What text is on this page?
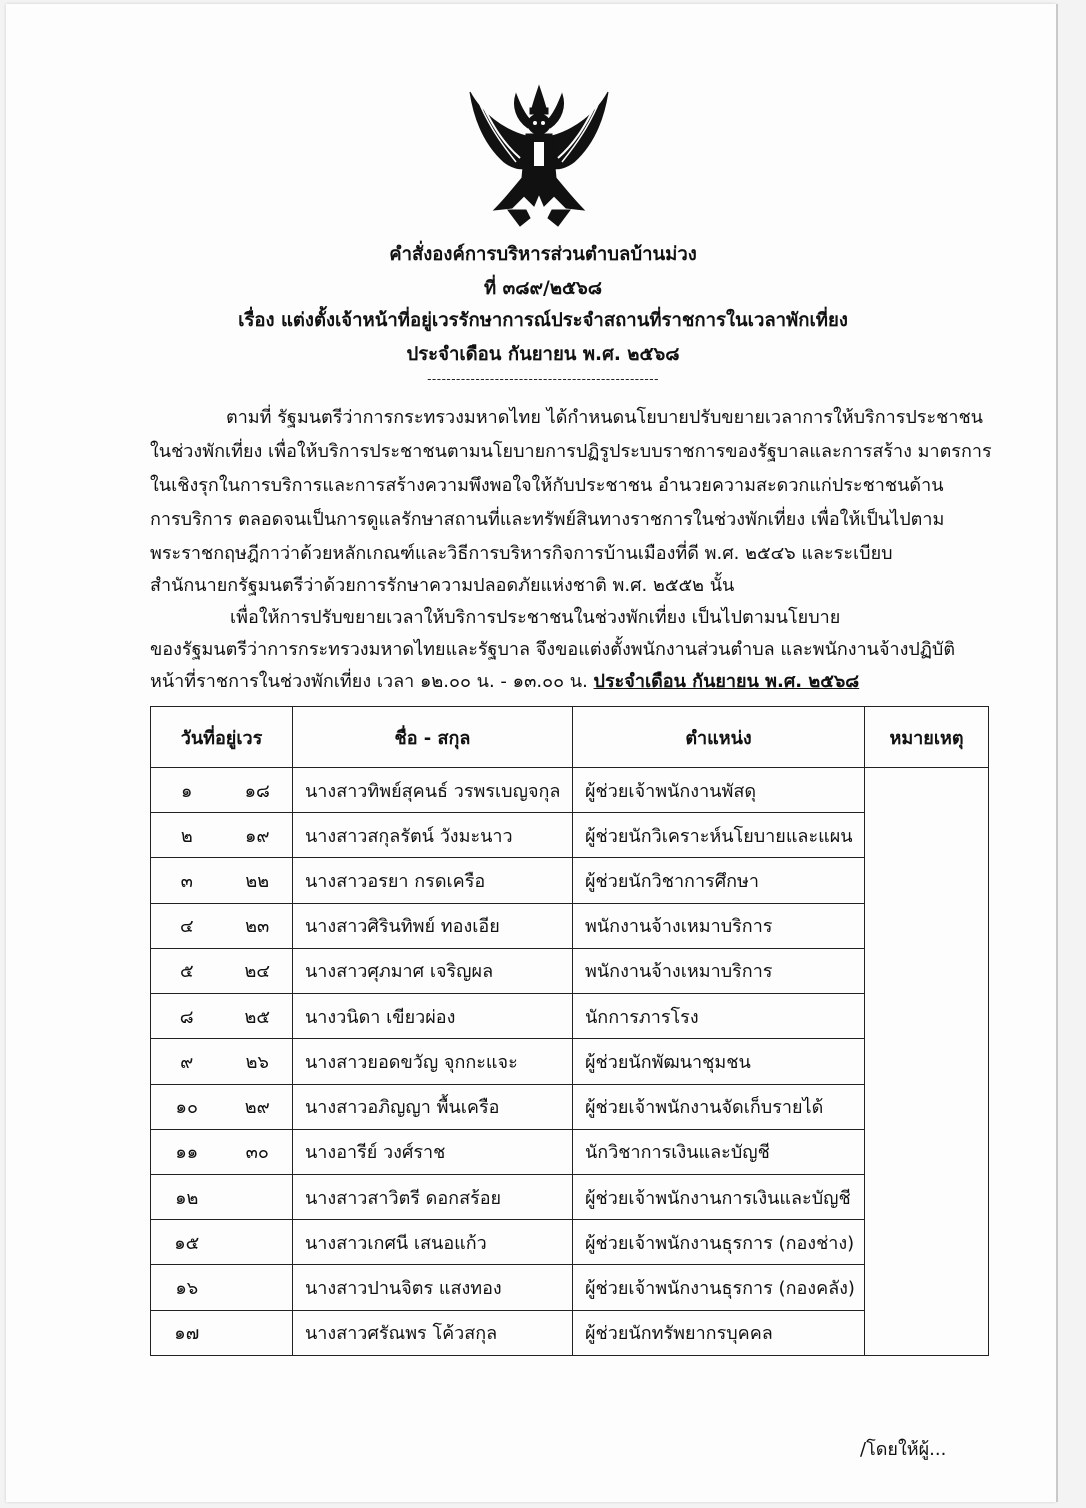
คำสั่งองค์การบริหารส่วนตำบลบ้านม่วง
ที่ ๓๘๙/๒๕๖๘
เรื่อง แต่งตั้งเจ้าหน้าที่อยู่เวรรักษาการณ์ประจำสถานที่ราชการในเวลาพักเที่ยง
ประจำเดือน กันยายน พ.ศ. ๒๕๖๘
------------------------------------------------
ตามที่ รัฐมนตรีว่าการกระทรวงมหาดไทย ได้กำหนดนโยบายปรับขยายเวลาการให้บริการประชาชน
ในช่วงพักเที่ยง เพื่อให้บริการประชาชนตามนโยบายการปฏิรูประบบราชการของรัฐบาลและการสร้าง มาตรการ
ในเชิงรุกในการบริการและการสร้างความพึงพอใจให้กับประชาชน อำนวยความสะดวกแก่ประชาชนด้าน
การบริการ ตลอดจนเป็นการดูแลรักษาสถานที่และทรัพย์สินทางราชการในช่วงพักเที่ยง เพื่อให้เป็นไปตาม
พระราชกฤษฎีกาว่าด้วยหลักเกณฑ์และวิธีการบริหารกิจการบ้านเมืองที่ดี พ.ศ. ๒๕๔๖ และระเบียบ
สำนักนายกรัฐมนตรีว่าด้วยการรักษาความปลอดภัยแห่งชาติ พ.ศ. ๒๕๕๒ นั้น
เพื่อให้การปรับขยายเวลาให้บริการประชาชนในช่วงพักเที่ยง เป็นไปตามนโยบาย
ของรัฐมนตรีว่าการกระทรวงมหาดไทยและรัฐบาล จึงขอแต่งตั้งพนักงานส่วนตำบล และพนักงานจ้างปฏิบัติ
หน้าที่ราชการในช่วงพักเที่ยง เวลา ๑๒.๐๐ น. - ๑๓.๐๐ น. ประจำเดือน กันยายน พ.ศ. ๒๕๖๘
วันที่อยู่เวร		ชื่อ - สกุล	ตำแหน่ง	หมายเหตุ
๑	๑๘	นางสาวทิพย์สุคนธ์ วรพรเบญจกุล	ผู้ช่วยเจ้าพนักงานพัสดุ	
๒	๑๙	นางสาวสกุลรัตน์ วังมะนาว	ผู้ช่วยนักวิเคราะห์นโยบายและแผน	
๓	๒๒	นางสาวอรยา กรดเครือ	ผู้ช่วยนักวิชาการศึกษา	
๔	๒๓	นางสาวศิรินทิพย์ ทองเอีย	พนักงานจ้างเหมาบริการ	
๕	๒๔	นางสาวศุภมาศ เจริญผล	พนักงานจ้างเหมาบริการ	
๘	๒๕	นางวนิดา เขียวผ่อง	นักการภารโรง	
๙	๒๖	นางสาวยอดขวัญ จุกกะแจะ	ผู้ช่วยนักพัฒนาชุมชน	
๑๐	๒๙	นางสาวอภิญญา พื้นเครือ	ผู้ช่วยเจ้าพนักงานจัดเก็บรายได้	
๑๑	๓๐	นางอารีย์ วงศ์ราช	นักวิชาการเงินและบัญชี	
๑๒		นางสาวสาวิตรี ดอกสร้อย	ผู้ช่วยเจ้าพนักงานการเงินและบัญชี	
๑๕		นางสาวเกศนี เสนอแก้ว	ผู้ช่วยเจ้าพนักงานธุรการ (กองช่าง)	
๑๖		นางสาวปานจิตร แสงทอง	ผู้ช่วยเจ้าพนักงานธุรการ (กองคลัง)	
๑๗		นางสาวศรัณพร โค้วสกุล	ผู้ช่วยนักทรัพยากรบุคคล	
/โดยให้ผู้...
